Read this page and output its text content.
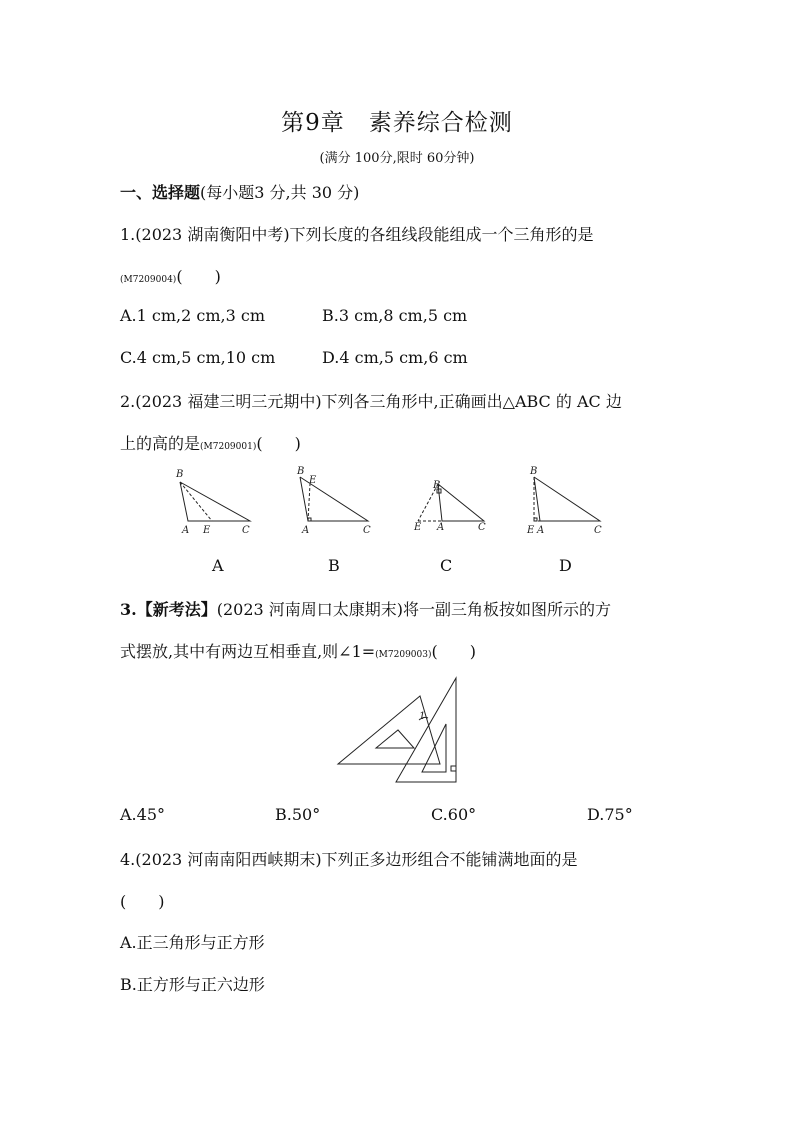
第9章　素养综合检测
(满分 100分,限时 60分钟)
一、选择题(每小题3 分,共 30 分)
1.(2023 湖南衡阳中考)下列长度的各组线段能组成一个三角形的是
(M7209004)(　　)
A.1 cm,2 cm,3 cm	B.3 cm,8 cm,5 cm
C.4 cm,5 cm,10 cm	D.4 cm,5 cm,6 cm
2.(2023 福建三明三元期中)下列各三角形中,正确画出△ABC 的 AC 边
上的高的是(M7209001)(　　)
B
A E	C
B
E
A	C
B
E A	C
B
E A	C
A	B	C	D
3.【新考法】(2023 河南周口太康期末)将一副三角板按如图所示的方
式摆放,其中有两边互相垂直,则∠1=(M7209003)(　　)
1
A.45°	B.50°	C.60°	D.75°
4.(2023 河南南阳西峡期末)下列正多边形组合不能铺满地面的是
(　　)
A.正三角形与正方形
B.正方形与正六边形
